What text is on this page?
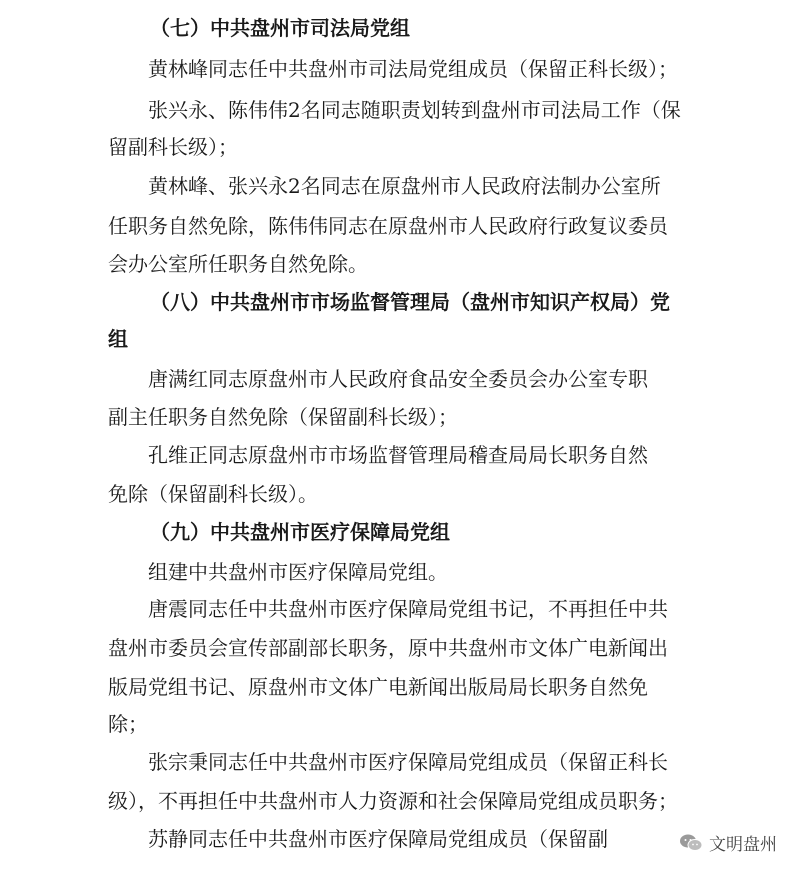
（七）中共盘州市司法局党组
黄林峰同志任中共盘州市司法局党组成员（保留正科长级）；
张兴永、陈伟伟2名同志随职责划转到盘州市司法局工作（保
留副科长级）；
黄林峰、张兴永2名同志在原盘州市人民政府法制办公室所
任职务自然免除，陈伟伟同志在原盘州市人民政府行政复议委员
会办公室所任职务自然免除。
（八）中共盘州市市场监督管理局（盘州市知识产权局）党
组
唐满红同志原盘州市人民政府食品安全委员会办公室专职
副主任职务自然免除（保留副科长级）；
孔维正同志原盘州市市场监督管理局稽查局局长职务自然
免除（保留副科长级）。
（九）中共盘州市医疗保障局党组
组建中共盘州市医疗保障局党组。
唐震同志任中共盘州市医疗保障局党组书记，不再担任中共
盘州市委员会宣传部副部长职务，原中共盘州市文体广电新闻出
版局党组书记、原盘州市文体广电新闻出版局局长职务自然免
除；
张宗秉同志任中共盘州市医疗保障局党组成员（保留正科长
级），不再担任中共盘州市人力资源和社会保障局党组成员职务；
苏静同志任中共盘州市医疗保障局党组成员（保留副	文明盘州
